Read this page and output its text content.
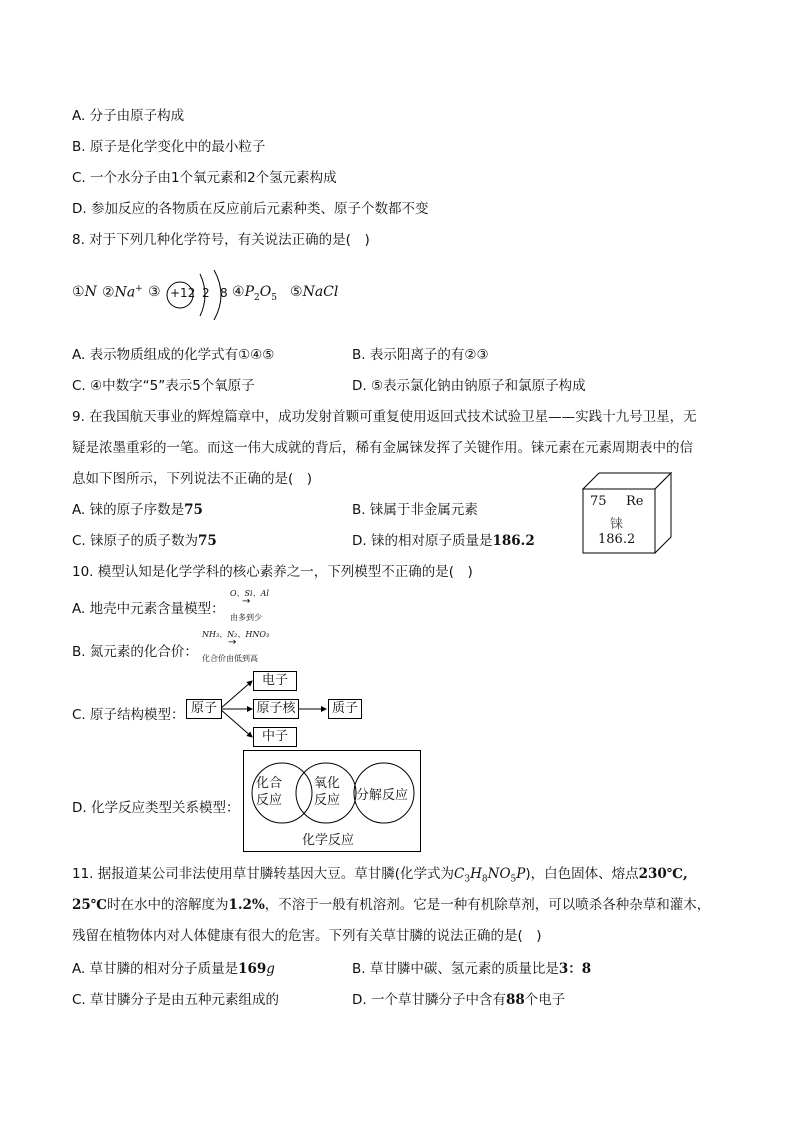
A. 分子由原子构成
B. 原子是化学变化中的最小粒子
C. 一个水分子由1个氧元素和2个氢元素构成
D. 参加反应的各物质在反应前后元素种类、原子个数都不变
8. 对于下列几种化学符号，有关说法正确的是(　)
①N ②Na+ ③ +12 2 8 $④P_2O_5$ ⑤NaCl
A. 表示物质组成的化学式有①④⑤	B. 表示阳离子的有②③
C. ④中数字“5”表示5个氧原子	D. ⑤表示氯化钠由钠原子和氯原子构成
9. 在我国航天事业的辉煌篇章中，成功发射首颗可重复使用返回式技术试验卫星——实践十九号卫星，无
疑是浓墨重彩的一笔。而这一伟大成就的背后，稀有金属铼发挥了关键作用。铼元素在元素周期表中的信
息如下图所示，下列说法不正确的是(　)
A. 铼的原子序数是75	B. 铼属于非金属元素
C. 铼原子的质子数为75	D. 铼的相对原子质量是186.2
75 Re
铼
186.2
10. 模型认知是化学学科的核心素养之一，下列模型不正确的是(　)
A. 地壳中元素含量模型：
O、Si、Al
→
由多到少
B. 氮元素的化合价：
NH₃、N₂、HNO₃
→
化合价由低到高
C. 原子结构模型： 原子
电子
原子核	质子
中子
D. 化学反应类型关系模型：
化合
反应
氧化
反应 分解反应
化学反应
11. 据报道某公司非法使用草甘膦转基因大豆。草甘膦(化学式为$C_3H_8NO_5P$)，白色固体、熔点230℃,
25℃时在水中的溶解度为1.2%，不溶于一般有机溶剂。它是一种有机除草剂，可以喷杀各种杂草和灌木，
残留在植物体内对人体健康有很大的危害。下列有关草甘膦的说法正确的是(　)
A. 草甘膦的相对分子质量是169g	B. 草甘膦中碳、氢元素的质量比是3：8
C. 草甘膦分子是由五种元素组成的	D. 一个草甘膦分子中含有88个电子
